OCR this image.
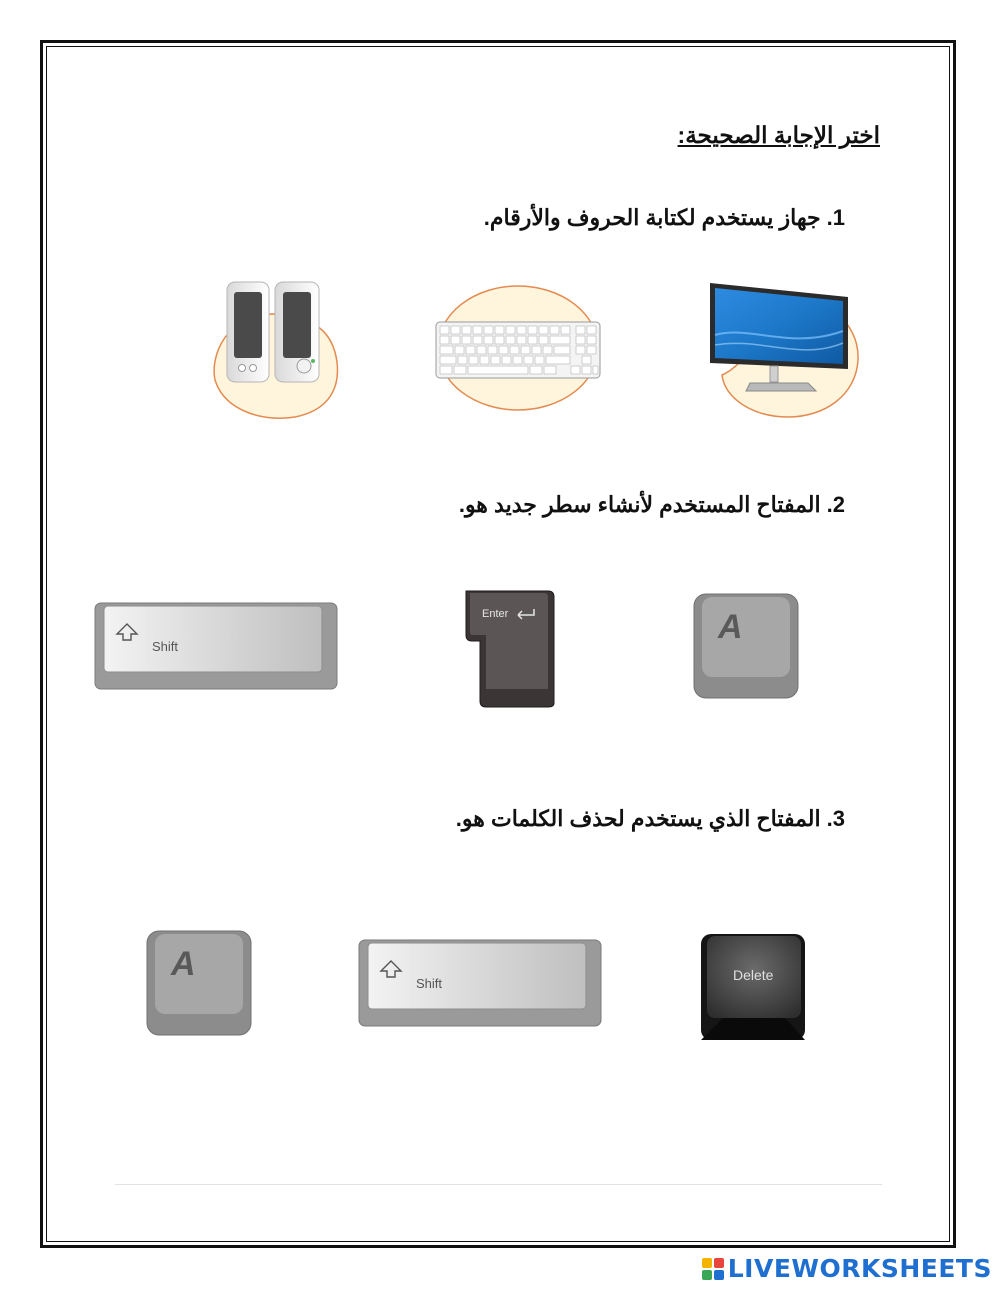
اختر الإجابة الصحيحة:
1.جهاز يستخدم لكتابة الحروف والأرقام.
2.المفتاح المستخدم لأنشاء سطر جديد هو.
Shift
Enter	A
3.المفتاح الذي يستخدم لحذف الكلمات هو.
A
Shift
Delete
LIVEWORKSHEETS
